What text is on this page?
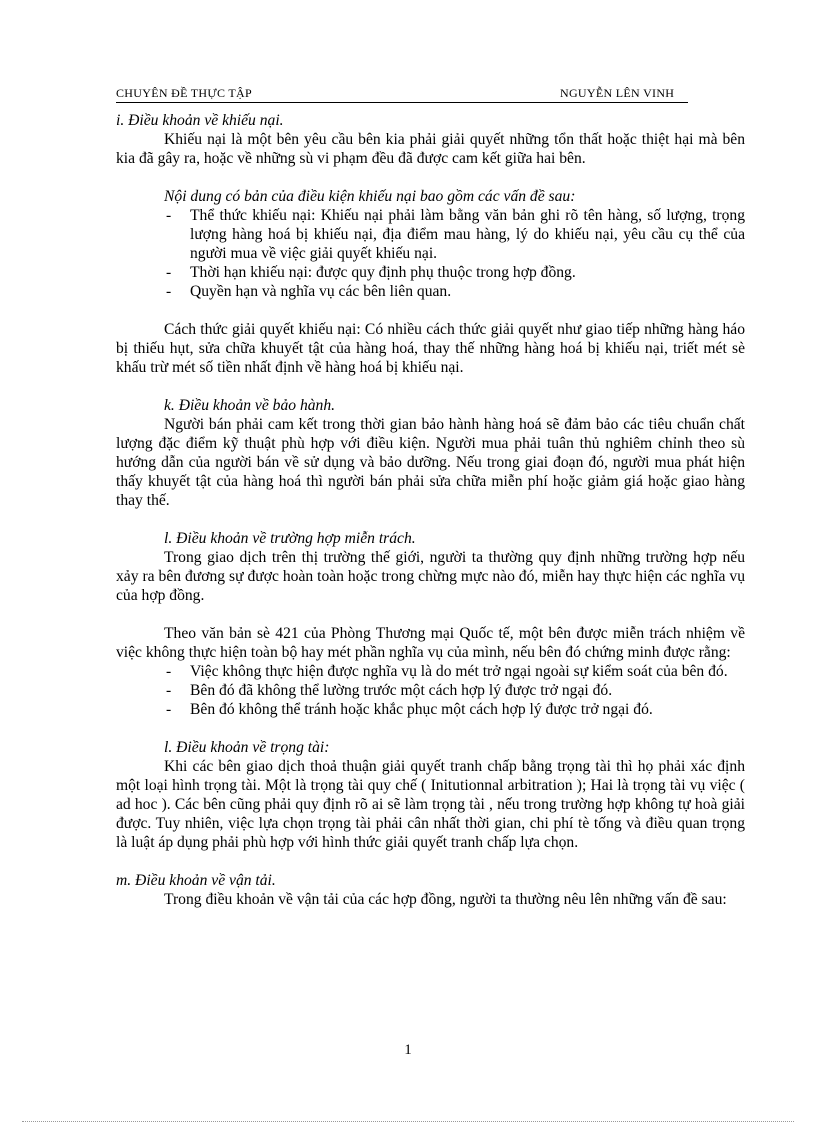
CHUYÊN ĐỀ THỰC TẬP	NGUYỄN LÊN VINH

i. Điều khoản về khiếu nại.

Khiếu nại là một bên yêu cầu bên kia phải giải quyết những tổn thất hoặc thiệt hại mà bên kia đã gây ra, hoặc về những sù vi phạm đều đã được cam kết giữa hai bên.

Nội dung có bản của điều kiện khiếu nại bao gồm các vấn đề sau:

- Thể thức khiếu nại: Khiếu nại phải làm bằng văn bản ghi rõ tên hàng, số lượng, trọng lượng hàng hoá bị khiếu nại, địa điểm mau hàng, lý do khiếu nại, yêu cầu cụ thể của người mua về việc giải quyết khiếu nại.
- Thời hạn khiếu nại: được quy định phụ thuộc trong hợp đồng.
- Quyền hạn và nghĩa vụ các bên liên quan.

Cách thức giải quyết khiếu nại: Có nhiều cách thức giải quyết như giao tiếp những hàng háo bị thiếu hụt, sửa chữa khuyết tật của hàng hoá, thay thế những hàng hoá bị khiếu nại, triết mét sè khấu trừ mét số tiền nhất định về hàng hoá bị khiếu nại.

k. Điều khoản về bảo hành.

Người bán phải cam kết trong thời gian bảo hành hàng hoá sẽ đảm bảo các tiêu chuẩn chất lượng đặc điểm kỹ thuật phù hợp với điều kiện. Người mua phải tuân thủ nghiêm chỉnh theo sù hướng dẫn của người bán về sử dụng và bảo dưỡng. Nếu trong giai đoạn đó, người mua phát hiện thấy khuyết tật của hàng hoá thì người bán phải sửa chữa miễn phí hoặc giảm giá hoặc giao hàng thay thế.

l. Điều khoản về trường hợp miễn trách.

Trong giao dịch trên thị trường thế giới, người ta thường quy định những trường hợp nếu xảy ra bên đương sự được hoàn toàn hoặc trong chừng mực nào đó, miễn hay thực hiện các nghĩa vụ của hợp đồng.

Theo văn bản sè 421 của Phòng Thương mại Quốc tế, một bên được miễn trách nhiệm về việc không thực hiện toàn bộ hay mét phần nghĩa vụ của mình, nếu bên đó chứng minh được rằng:

- Việc không thực hiện được nghĩa vụ là do mét trở ngại ngoài sự kiểm soát của bên đó.
- Bên đó đã không thể lường trước một cách hợp lý được trở ngại đó.
- Bên đó không thể tránh hoặc khắc phục một cách hợp lý được trở ngại đó.

l. Điều khoản về trọng tài:

Khi các bên giao dịch thoả thuận giải quyết tranh chấp bằng trọng tài thì họ phải xác định một loại hình trọng tài. Một là trọng tài quy chế ( Initutionnal arbitration ); Hai là trọng tài vụ việc ( ad hoc ). Các bên cũng phải quy định rõ ai sẽ làm trọng tài , nếu trong trường hợp không tự hoà giải được. Tuy nhiên, việc lựa chọn trọng tài phải cân nhất thời gian, chi phí tè tống và điều quan trọng là luật áp dụng phải phù hợp với hình thức giải quyết tranh chấp lựa chọn.

m. Điều khoản về vận tải.

Trong điều khoản về vận tải của các hợp đồng, người ta thường nêu lên những vấn đề sau:

1
